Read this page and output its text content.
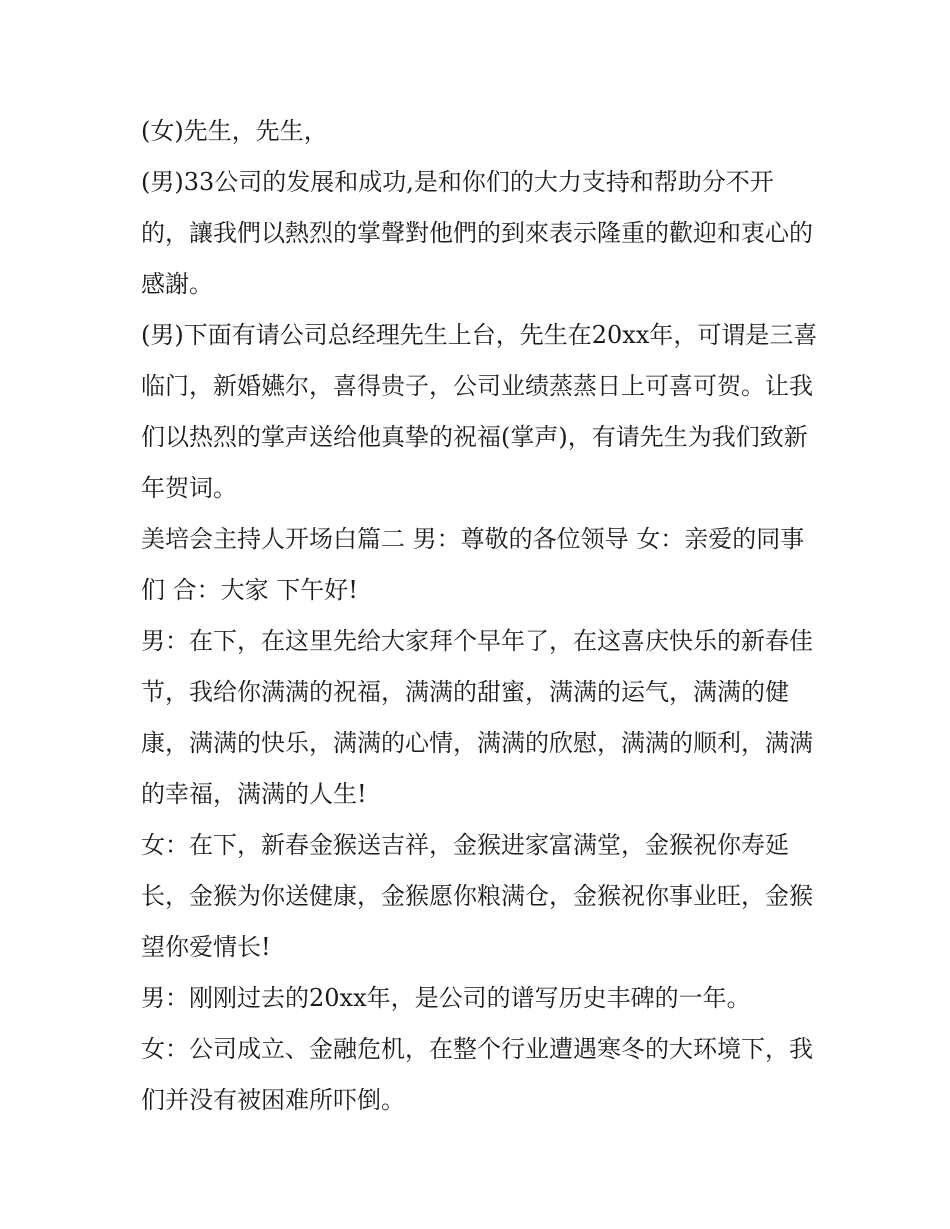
(女)先生，先生，

(男)33公司的发展和成功,是和你们的大力支持和帮助分不开的，讓我們以熱烈的掌聲對他們的到來表示隆重的歡迎和衷心的感謝。

(男)下面有请公司总经理先生上台，先生在20xx年，可谓是三喜临门，新婚嬿尔，喜得贵子，公司业绩蒸蒸日上可喜可贺。让我们以热烈的掌声送给他真挚的祝福(掌声)，有请先生为我们致新年贺词。

美培会主持人开场白篇二 男：尊敬的各位领导 女：亲爱的同事们 合：大家 下午好!

男：在下，在这里先给大家拜个早年了，在这喜庆快乐的新春佳节，我给你满满的祝福，满满的甜蜜，满满的运气，满满的健康，满满的快乐，满满的心情，满满的欣慰，满满的顺利，满满的幸福，满满的人生!

女：在下，新春金猴送吉祥，金猴进家富满堂，金猴祝你寿延长，金猴为你送健康，金猴愿你粮满仓，金猴祝你事业旺，金猴望你爱情长!

男：刚刚过去的20xx年，是公司的谱写历史丰碑的一年。

女：公司成立、金融危机，在整个行业遭遇寒冬的大环境下，我们并没有被困难所吓倒。
